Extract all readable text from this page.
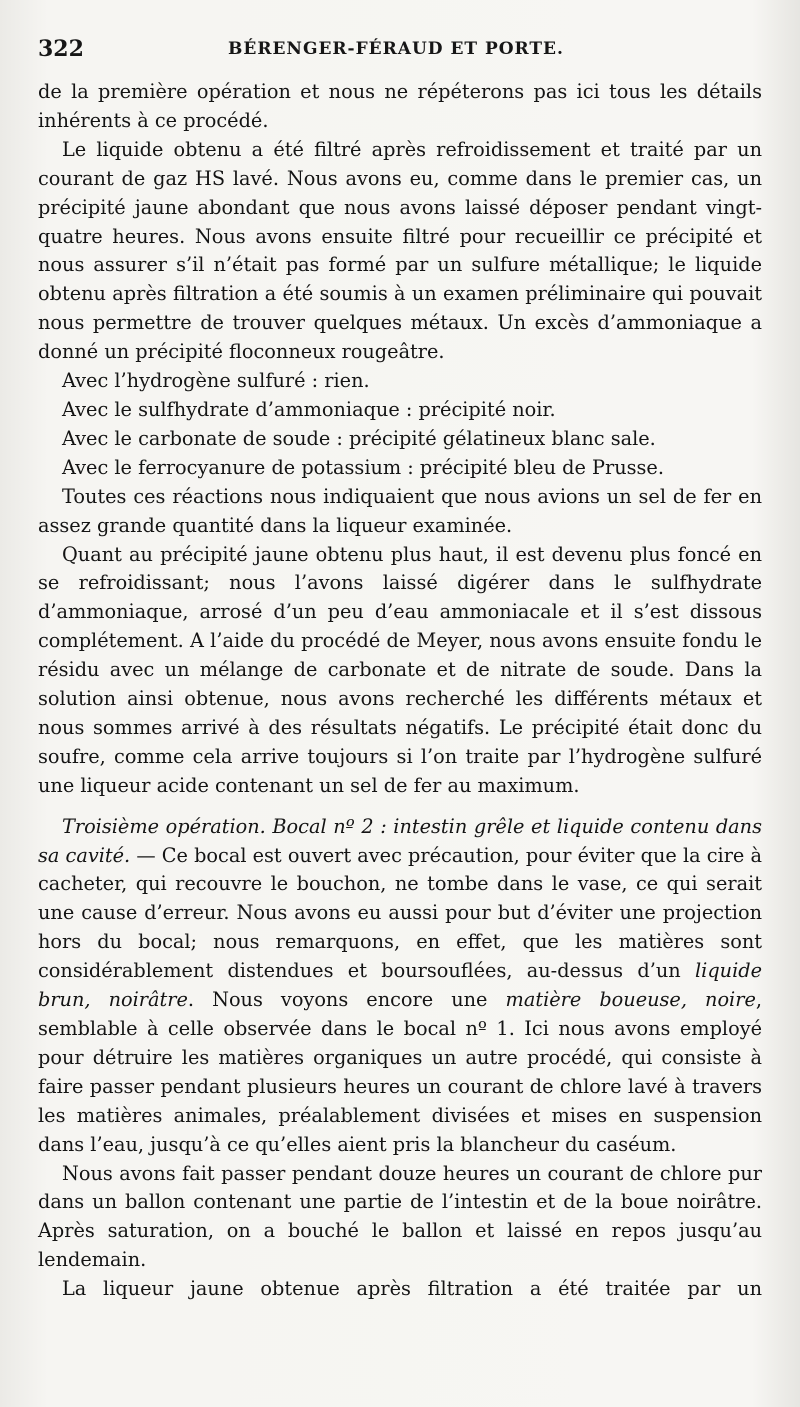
322	BÉRENGER-FÉRAUD ET PORTE.

de la première opération et nous ne répéterons pas ici tous les détails inhérents à ce procédé.

Le liquide obtenu a été filtré après refroidissement et traité par un courant de gaz HS lavé. Nous avons eu, comme dans le premier cas, un précipité jaune abondant que nous avons laissé déposer pendant vingt-quatre heures. Nous avons ensuite filtré pour recueillir ce précipité et nous assurer s’il n’était pas formé par un sulfure métallique; le liquide obtenu après filtration a été soumis à un examen préliminaire qui pouvait nous permettre de trouver quelques métaux. Un excès d’ammoniaque a donné un précipité floconneux rougeâtre.

Avec l’hydrogène sulfuré : rien.

Avec le sulfhydrate d’ammoniaque : précipité noir.

Avec le carbonate de soude : précipité gélatineux blanc sale.

Avec le ferrocyanure de potassium : précipité bleu de Prusse.

Toutes ces réactions nous indiquaient que nous avions un sel de fer en assez grande quantité dans la liqueur examinée.

Quant au précipité jaune obtenu plus haut, il est devenu plus foncé en se refroidissant; nous l’avons laissé digérer dans le sulfhydrate d’ammoniaque, arrosé d’un peu d’eau ammoniacale et il s’est dissous complétement. A l’aide du procédé de Meyer, nous avons ensuite fondu le résidu avec un mélange de carbonate et de nitrate de soude. Dans la solution ainsi obtenue, nous avons recherché les différents métaux et nous sommes arrivé à des résultats négatifs. Le précipité était donc du soufre, comme cela arrive toujours si l’on traite par l’hydrogène sulfuré une liqueur acide contenant un sel de fer au maximum.

Troisième opération. Bocal nº 2 : intestin grêle et liquide contenu dans sa cavité. — Ce bocal est ouvert avec précaution, pour éviter que la cire à cacheter, qui recouvre le bouchon, ne tombe dans le vase, ce qui serait une cause d’erreur. Nous avons eu aussi pour but d’éviter une projection hors du bocal; nous remarquons, en effet, que les matières sont considérablement distendues et boursouflées, au-dessus d’un liquide brun, noirâtre. Nous voyons encore une matière boueuse, noire, semblable à celle observée dans le bocal nº 1. Ici nous avons employé pour détruire les matières organiques un autre procédé, qui consiste à faire passer pendant plusieurs heures un courant de chlore lavé à travers les matières animales, préalablement divisées et mises en suspension dans l’eau, jusqu’à ce qu’elles aient pris la blancheur du caséum.

Nous avons fait passer pendant douze heures un courant de chlore pur dans un ballon contenant une partie de l’intestin et de la boue noirâtre. Après saturation, on a bouché le ballon et laissé en repos jusqu’au lendemain.

La liqueur jaune obtenue après filtration a été traitée par un
